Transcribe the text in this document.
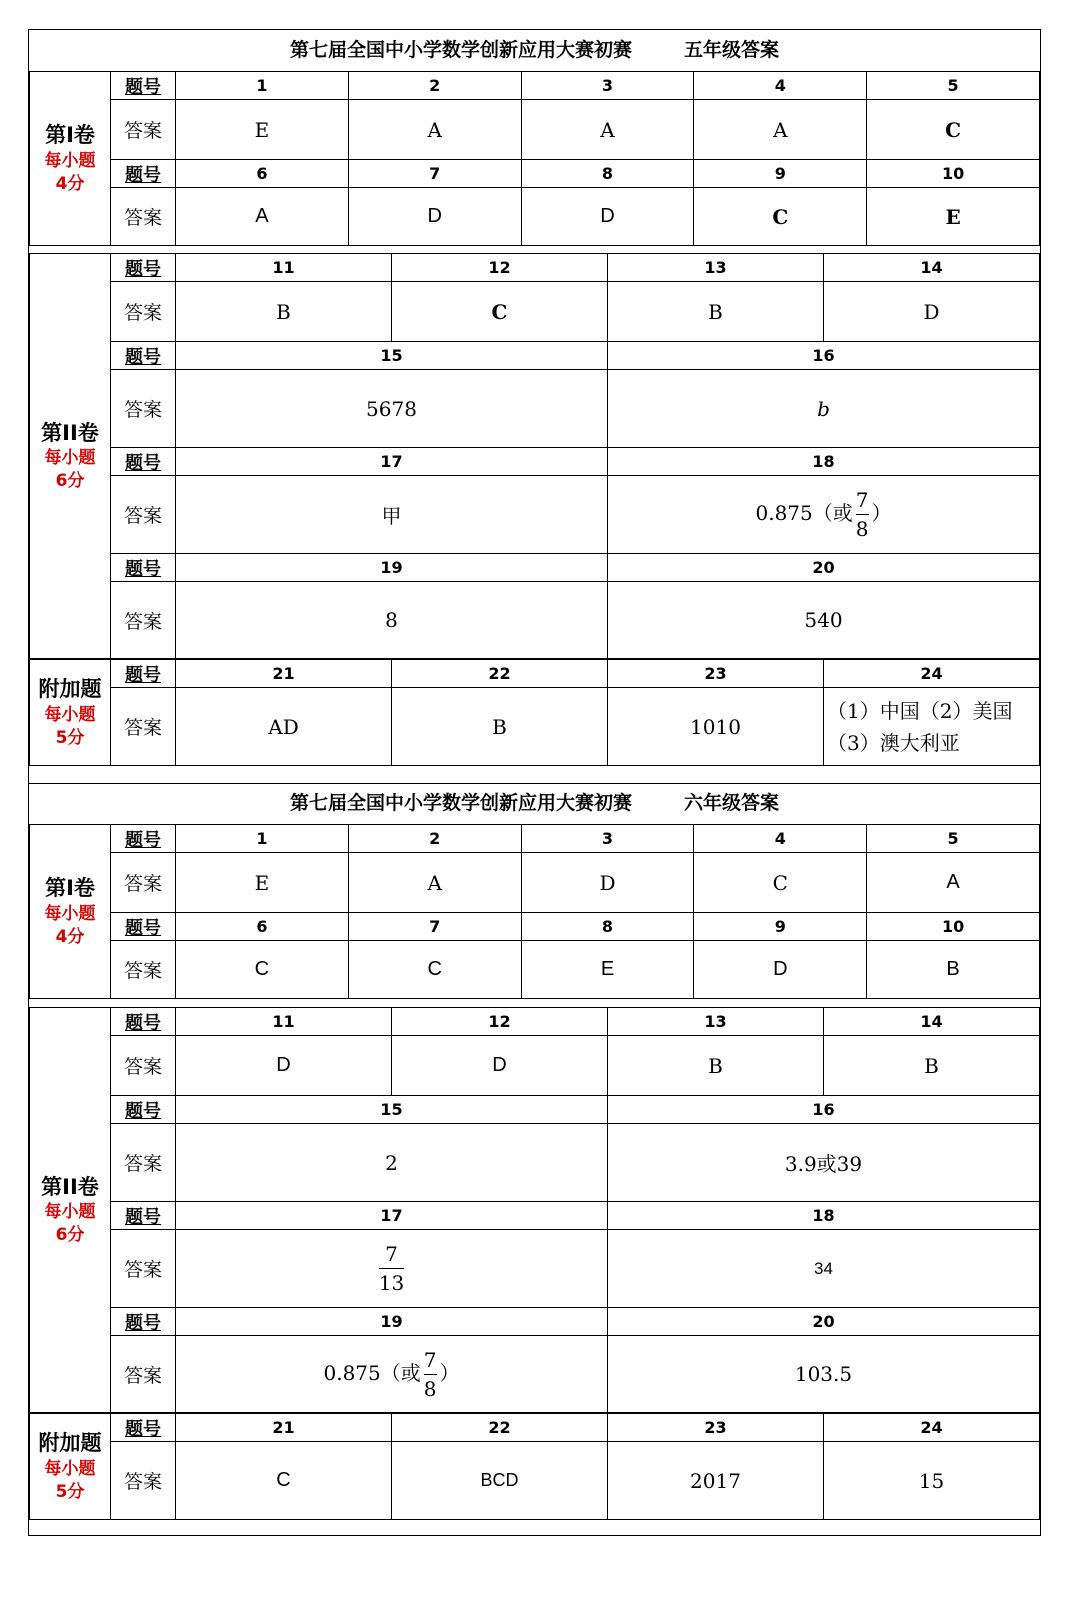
第七届全国中小学数学创新应用大赛初赛	五年级答案
第Ⅰ卷
每小题
4分	题号	1	2	3	4	5
	答案	E	A	A	A	C
	题号	6	7	8	9	10
	答案	A	D	D	C	E
第ⅠⅠ卷
每小题
6分	题号	11	12	13	14
	答案	B	C	B	D
	题号	15		16	
	答案	5678		b	
	题号	17		18	
	答案	甲		0.875（或 $\frac{7}{8}$ ）	
	题号	19		20	
	答案	8		540	
附加题
每小题
5分	题号	21	22	23	24
	答案	AD	B	1010	（1）中国（2）美国（3）澳大利亚
第七届全国中小学数学创新应用大赛初赛	六年级答案
第Ⅰ卷
每小题
4分	题号	1	2	3	4	5
	答案	E	A	D	C	A
	题号	6	7	8	9	10
	答案	C	C	E	D	B
第ⅠⅠ卷
每小题
6分	题号	11	12	13	14
	答案	D	D	B	B
	题号	15		16	
	答案	2		3.9或39	
	题号	17		18	
	答案	$\frac{7}{13}$		34	
	题号	19		20	
	答案	0.875（或 $\frac{7}{8}$ ）		103.5	
附加题
每小题
5分	题号	21	22	23	24
	答案	C	BCD	2017	15
